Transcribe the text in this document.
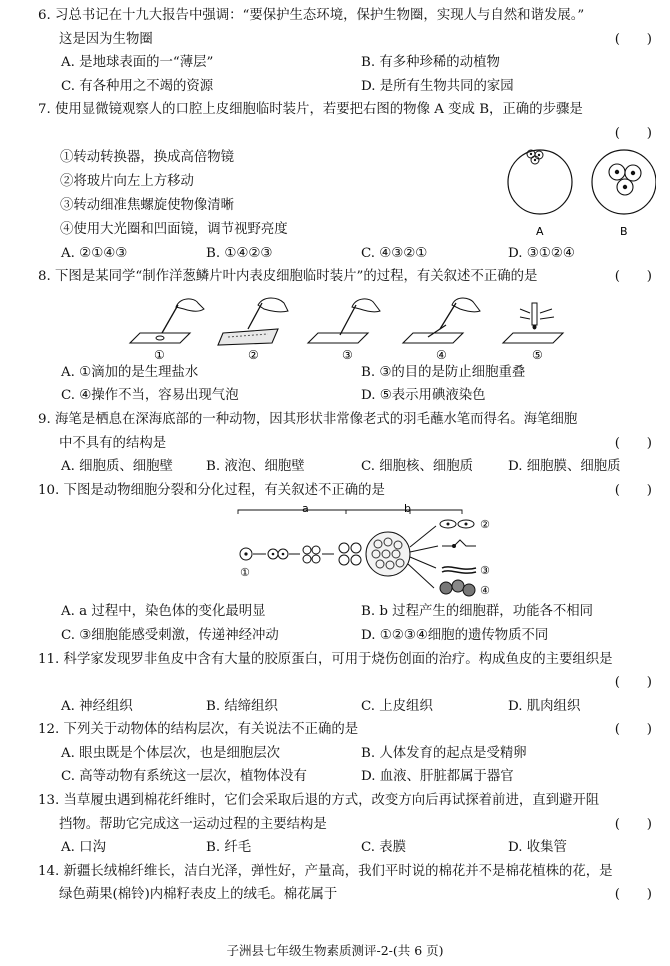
6. 习总书记在十九大报告中强调：“要保护生态环境，保护生物圈，实现人与自然和谐发展。”
这是因为生物圈	(　　)
A. 是地球表面的一“薄层”	B. 有多种珍稀的动植物
C. 有各种用之不竭的资源	D. 是所有生物共同的家园
7. 使用显微镜观察人的口腔上皮细胞临时装片，若要把右图的物像 A 变成 B，正确的步骤是
(　　)
①转动转换器，换成高倍物镜
②将玻片向左上方移动
③转动细准焦螺旋使物像清晰
④使用大光圈和凹面镜，调节视野亮度	A	B
A. ②①④③	B. ①④②③	C. ④③②①	D. ③①②④
8. 下图是某同学“制作洋葱鳞片叶内表皮细胞临时装片”的过程，有关叙述不正确的是	(　　)
①	②	③	④	⑤
A. ①滴加的是生理盐水	B. ③的目的是防止细胞重叠
C. ④操作不当，容易出现气泡	D. ⑤表示用碘液染色
9. 海笔是栖息在深海底部的一种动物，因其形状非常像老式的羽毛蘸水笔而得名。海笔细胞
中不具有的结构是	(　　)
A. 细胞质、细胞壁 B. 液泡、细胞壁	C. 细胞核、细胞质	D. 细胞膜、细胞质
10. 下图是动物细胞分裂和分化过程，有关叙述不正确的是	(　　)
a	b
①
②
③
④
A. a 过程中，染色体的变化最明显	B. b 过程产生的细胞群，功能各不相同
C. ③细胞能感受刺激，传递神经冲动	D. ①②③④细胞的遗传物质不同
11. 科学家发现罗非鱼皮中含有大量的胶原蛋白，可用于烧伤创面的治疗。构成鱼皮的主要组织是
(　　)
A. 神经组织	B. 结缔组织	C. 上皮组织	D. 肌肉组织
12. 下列关于动物体的结构层次，有关说法不正确的是	(　　)
A. 眼虫既是个体层次，也是细胞层次	B. 人体发育的起点是受精卵
C. 高等动物有系统这一层次，植物体没有	D. 血液、肝脏都属于器官
13. 当草履虫遇到棉花纤维时，它们会采取后退的方式，改变方向后再试探着前进，直到避开阻
挡物。帮助它完成这一运动过程的主要结构是	(　　)
A. 口沟	B. 纤毛	C. 表膜	D. 收集管
14. 新疆长绒棉纤维长，洁白光泽，弹性好，产量高，我们平时说的棉花并不是棉花植株的花，是
绿色蒴果(棉铃)内棉籽表皮上的绒毛。棉花属于	(　　)
子洲县七年级生物素质测评-2-(共 6 页)
